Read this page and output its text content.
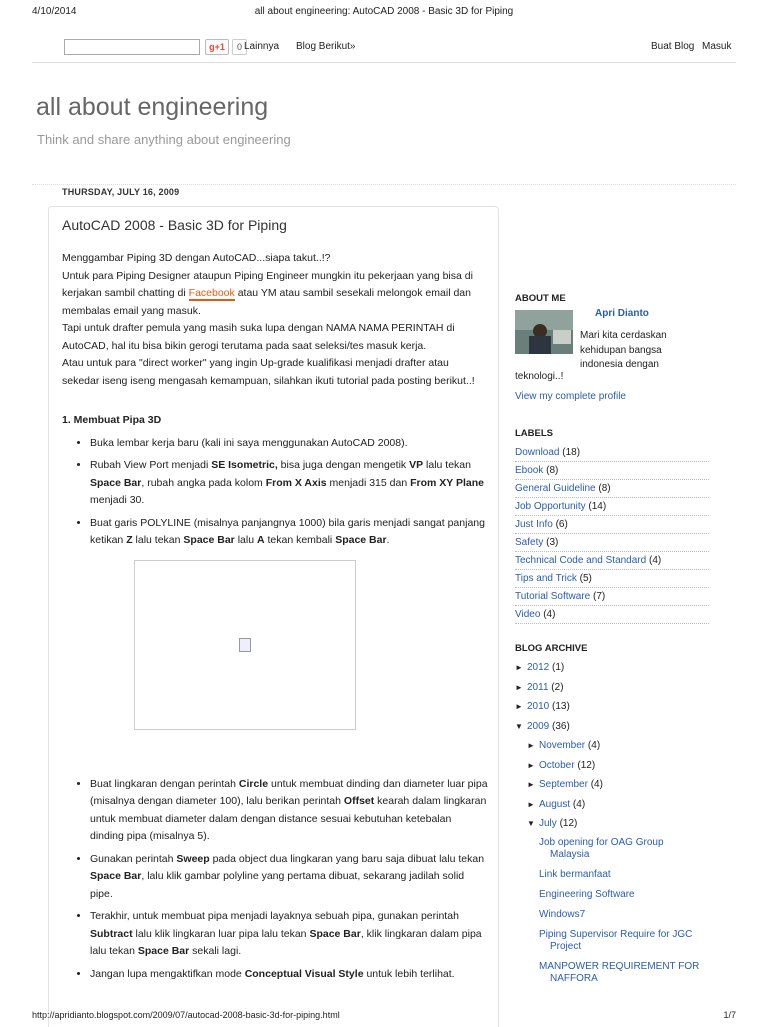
4/10/2014	all about engineering: AutoCAD 2008 - Basic 3D for Piping
g+1	0 Lainnya Blog Berikut»	Buat Blog Masuk
all about engineering
Think and share anything about engineering
THURSDAY, JULY 16, 2009
AutoCAD 2008 - Basic 3D for Piping

Menggambar Piping 3D dengan AutoCAD...siapa takut..!?

Untuk para Piping Designer ataupun Piping Engineer mungkin itu pekerjaan yang bisa di kerjakan sambil chatting di Facebook atau YM atau sambil sesekali melongok email dan membalas email yang masuk.

Tapi untuk drafter pemula yang masih suka lupa dengan NAMA NAMA PERINTAH di AutoCAD, hal itu bisa bikin gerogi terutama pada saat seleksi/tes masuk kerja.

Atau untuk para "direct worker" yang ingin Up-grade kualifikasi menjadi drafter atau sekedar iseng iseng mengasah kemampuan, silahkan ikuti tutorial pada posting berikut..!

1. Membuat Pipa 3D
• Buka lembar kerja baru (kali ini saya menggunakan AutoCAD 2008).
• Rubah View Port menjadi SE Isometric, bisa juga dengan mengetik VP lalu tekan Space Bar, rubah angka pada kolom From X Axis menjadi 315 dan From XY Plane menjadi 30.
• Buat garis POLYLINE (misalnya panjangnya 1000) bila garis menjadi sangat panjang ketikan Z lalu tekan Space Bar lalu A tekan kembali Space Bar.
• Buat lingkaran dengan perintah Circle untuk membuat dinding dan diameter luar pipa (misalnya dengan diameter 100), lalu berikan perintah Offset kearah dalam lingkaran untuk membuat diameter dalam dengan distance sesuai kebutuhan ketebalan dinding pipa (misalnya 5).
• Gunakan perintah Sweep pada object dua lingkaran yang baru saja dibuat lalu tekan Space Bar, lalu klik gambar polyline yang pertama dibuat, sekarang jadilah solid pipe.
• Terakhir, untuk membuat pipa menjadi layaknya sebuah pipa, gunakan perintah Subtract lalu klik lingkaran luar pipa lalu tekan Space Bar, klik lingkaran dalam pipa lalu tekan Space Bar sekali lagi.
• Jangan lupa mengaktifkan mode Conceptual Visual Style untuk lebih terlihat.
ABOUT ME
Apri Dianto
Mari kita cerdaskan
kehidupan bangsa
indonesia dengan
teknologi..!
View my complete profile
LABELS
Download (18)
Ebook (8)
General Guideline (8)
Job Opportunity (14)
Just Info (6)
Safety (3)
Technical Code and Standard (4)
Tips and Trick (5)
Tutorial Software (7)
Video (4)
BLOG ARCHIVE
► 2012 (1)
► 2011 (2)
► 2010 (13)
▼ 2009 (36)
► November (4)
► October (12)
► September (4)
► August (4)
▼ July (12)
Job opening for OAG Group
Malaysia
Link bermanfaat
Engineering Software
Windows7
Piping Supervisor Require for JGC
Project
MANPOWER REQUIREMENT FOR
NAFFORA
http://apridianto.blogspot.com/2009/07/autocad-2008-basic-3d-for-piping.html	1/7
